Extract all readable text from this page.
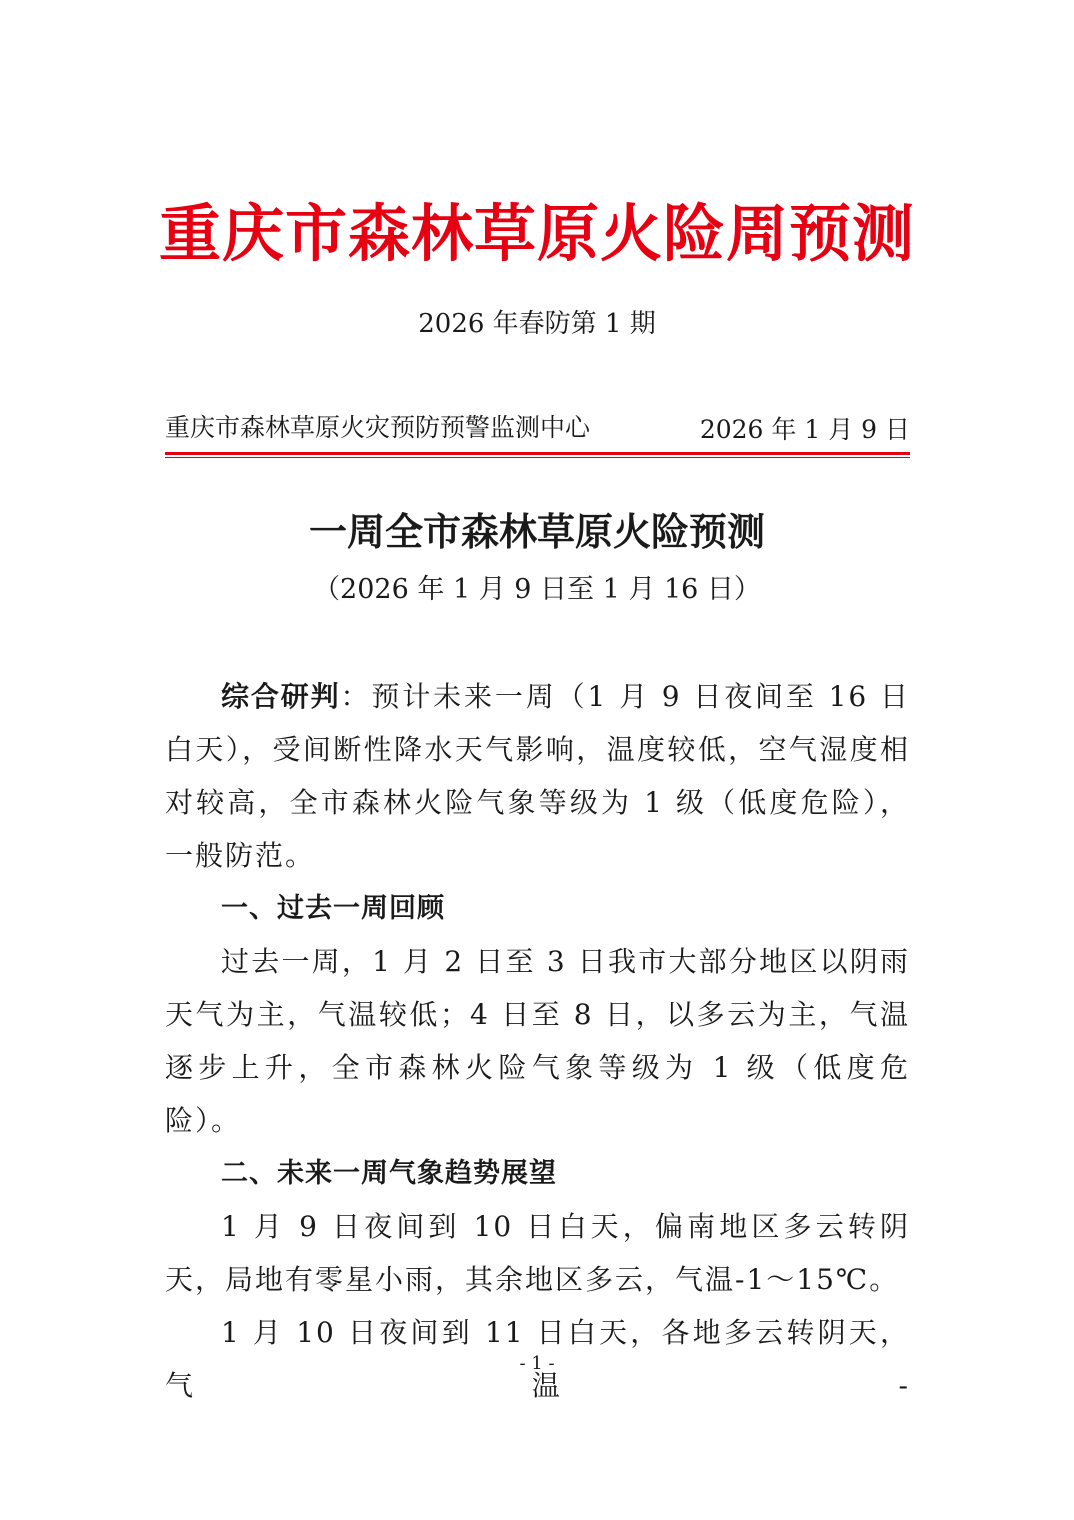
重庆市森林草原火险周预测
2026 年春防第 1 期
重庆市森林草原火灾预防预警监测中心	2026 年 1 月 9 日
一周全市森林草原火险预测
（2026 年 1 月 9 日至 1 月 16 日）

综合研判：预计未来一周（1 月 9 日夜间至 16 日白天），受间断性降水天气影响，温度较低，空气湿度相对较高，全市森林火险气象等级为 1 级（低度危险），一般防范。

一、过去一周回顾

过去一周，1 月 2 日至 3 日我市大部分地区以阴雨天气为主，气温较低；4 日至 8 日，以多云为主，气温逐步上升，全市森林火险气象等级为 1 级（低度危险）。

二、未来一周气象趋势展望

1 月 9 日夜间到 10 日白天，偏南地区多云转阴天，局地有零星小雨，其余地区多云，气温-1～15℃。

1 月 10 日夜间到 11 日白天，各地多云转阴天，气温-

- 1 -
